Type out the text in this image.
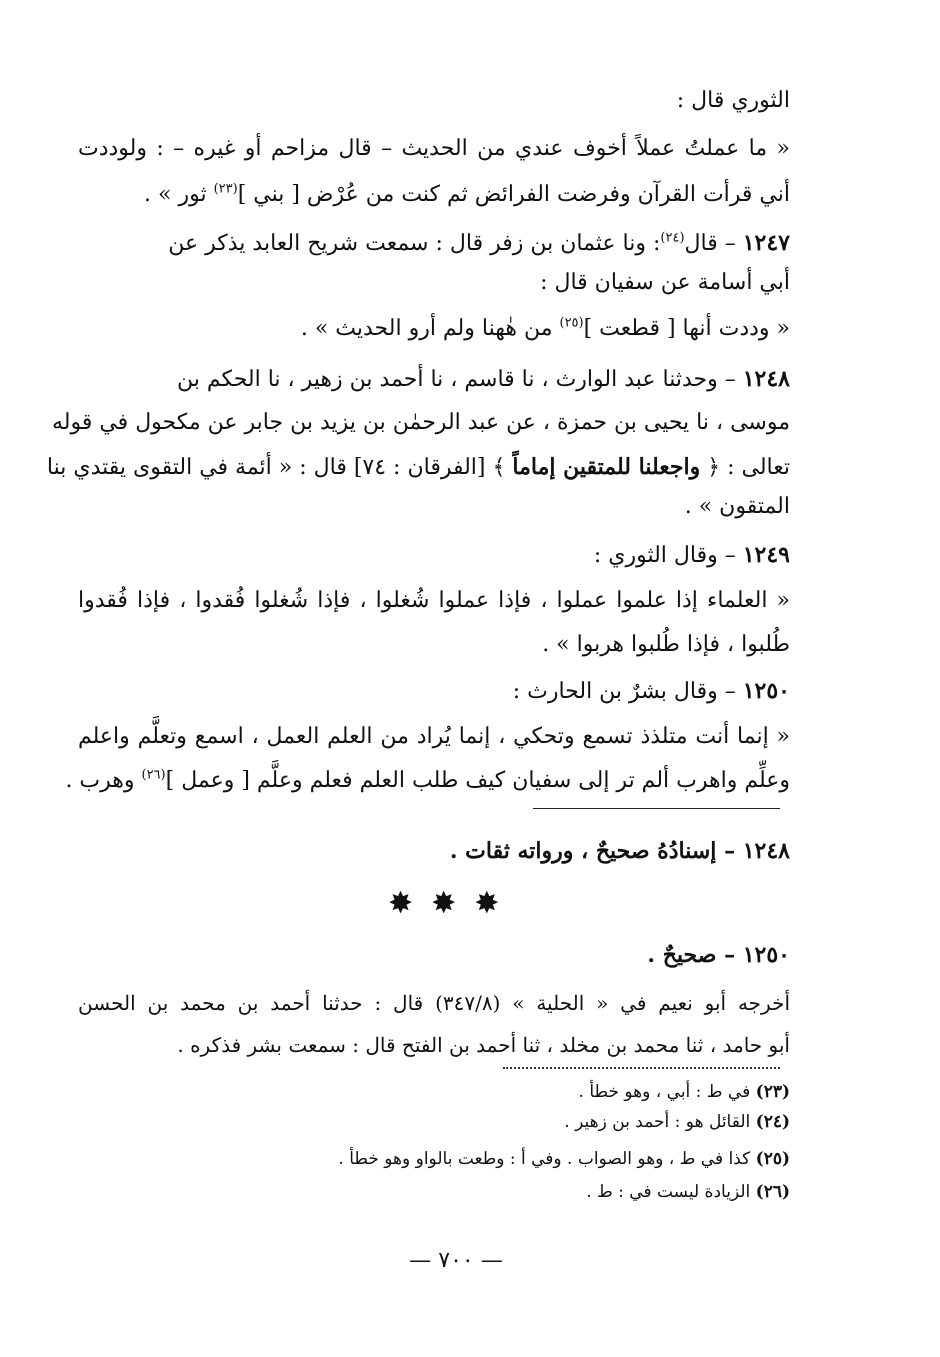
الثوري قال :
« ما عملتُ عملاً أخوف عندي من الحديث – قال مزاحم أو غيره – : ولوددت
أني قرأت القرآن وفرضت الفرائض ثم كنت من عُرْض [ بني ]$^{(٢٣)}$ ثور » .
١٢٤٧ – قال$^{(٢٤)}$: ونا عثمان بن زفر قال : سمعت شريح العابد يذكر عن
أبي أسامة عن سفيان قال :
« وددت أنها [ قطعت ]$^{(٢٥)}$ من هٰهنا ولم أرو الحديث » .
١٢٤٨ – وحدثنا عبد الوارث ، نا قاسم ، نا أحمد بن زهير ، نا الحكم بن
موسى ، نا يحيى بن حمزة ، عن عبد الرحمٰن بن يزيد بن جابر عن مكحول في قوله
تعالى : ﴿ واجعلنا للمتقين إماماً ﴾ [الفرقان : ٧٤] قال : « أئمة في التقوى يقتدي بنا
المتقون » .
١٢٤٩ – وقال الثوري :
« العلماء إذا علموا عملوا ، فإذا عملوا شُغلوا ، فإذا شُغلوا فُقدوا ، فإذا فُقدوا
طُلبوا ، فإذا طُلبوا هربوا » .
١٢٥٠ – وقال بشرٌ بن الحارث :
« إنما أنت متلذذ تسمع وتحكي ، إنما يُراد من العلم العمل ، اسمع وتعلَّم واعلم
وعلِّم واهرب ألم تر إلى سفيان كيف طلب العلم فعلم وعلَّم [ وعمل ]$^{(٢٦)}$ وهرب .
١٢٤٨ – إسنادُهُ صحيحٌ ، ورواته ثقات .
✸✸✸
١٢٥٠ – صحيحٌ .
أخرجه أبو نعيم في « الحلية » (٣٤٧/٨) قال : حدثنا أحمد بن محمد بن الحسن
أبو حامد ، ثنا محمد بن مخلد ، ثنا أحمد بن الفتح قال : سمعت بشر فذكره .
(٢٣) في ط : أبي ، وهو خطأ .
(٢٤) القائل هو : أحمد بن زهير .
(٢٥) كذا في ط ، وهو الصواب . وفي أ : وطعت بالواو وهو خطأ .
(٢٦) الزيادة ليست في : ط .
— ٧٠٠ —
